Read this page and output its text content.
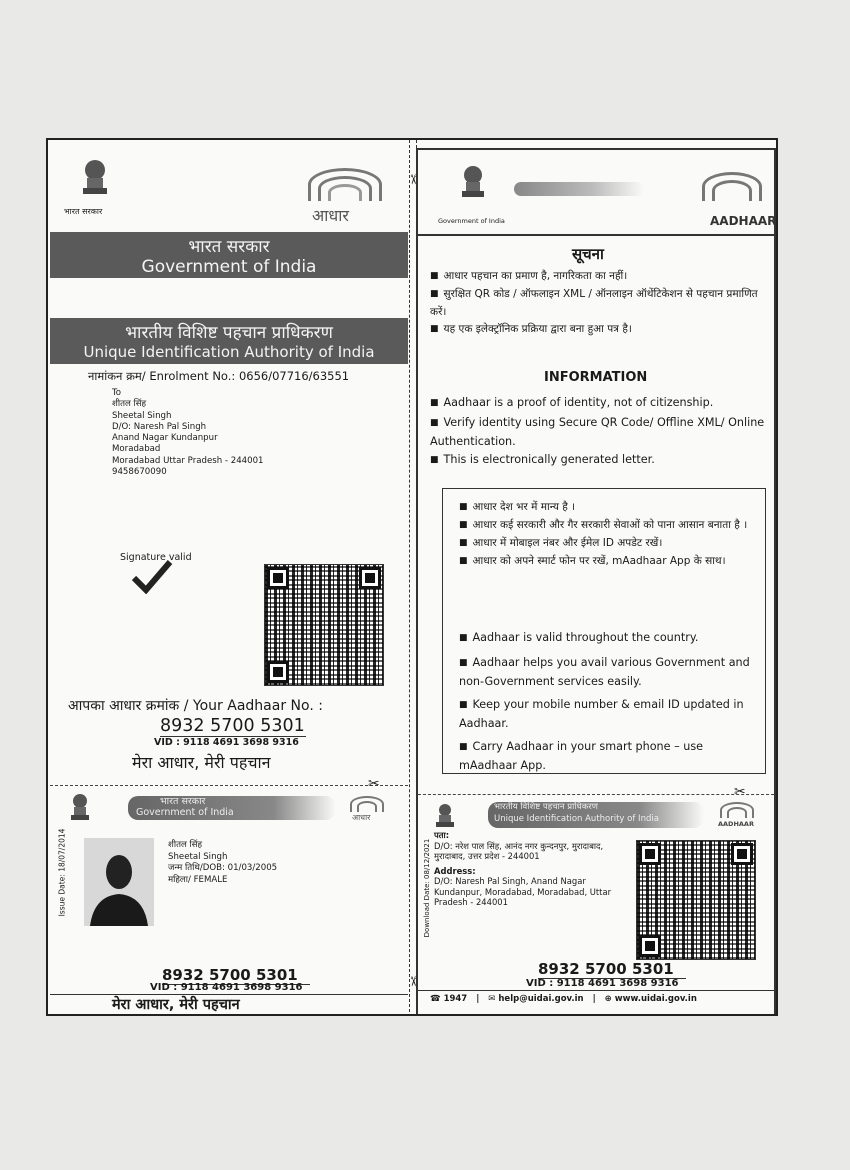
भारत सरकार	आधार
भारत सरकार
Government of India
भारतीय विशिष्ट पहचान प्राधिकरण
Unique Identification Authority of India
नामांकन क्रम/ Enrolment No.: 0656/07716/63551
To
शीतल सिंह
Sheetal Singh
D/O: Naresh Pal Singh
Anand Nagar Kundanpur
Moradabad
Moradabad Uttar Pradesh - 244001
9458670090
Signature valid
आपका आधार क्रमांक / Your Aadhaar No. :
8932 5700 5301
VID : 9118 4691 3698 9316
मेरा आधार, मेरी पहचान
✂
भारत सरकार
Government of India	आधार
Issue Date: 18/07/2014	शीतल सिंह
Sheetal Singh
जन्म तिथि/DOB: 01/03/2005
महिला/ FEMALE
8932 5700 5301
VID : 9118 4691 3698 9316
मेरा आधार, मेरी पहचान
✂
✂
Government of India	AADHAAR
सूचना
■ आधार पहचान का प्रमाण है, नागरिकता का नहीं।
■ सुरक्षित QR कोड / ऑफलाइन XML / ऑनलाइन ऑथेंटिकेशन से पहचान प्रमाणित करें।
■ यह एक इलेक्ट्रॉनिक प्रक्रिया द्वारा बना हुआ पत्र है।
INFORMATION
■ Aadhaar is a proof of identity, not of citizenship.
■ Verify identity using Secure QR Code/ Offline XML/ Online Authentication.
■ This is electronically generated letter.
■ आधार देश भर में मान्य है ।
■ आधार कई सरकारी और गैर सरकारी सेवाओं को पाना आसान बनाता है ।
■ आधार में मोबाइल नंबर और ईमेल ID अपडेट रखें।
■ आधार को अपने स्मार्ट फोन पर रखें, mAadhaar App के साथ।
■ Aadhaar is valid throughout the country.
■ Aadhaar helps you avail various Government and non-Government services easily.
■ Keep your mobile number & email ID updated in Aadhaar.
■ Carry Aadhaar in your smart phone – use mAadhaar App.
✂
भारतीय विशिष्ट पहचान प्राधिकरण
Unique Identification Authority of India
AADHAAR
Download Date: 08/12/2021
पता:
D/O: नरेश पाल सिंह, आनंद नगर कुन्दनपुर, मुरादाबाद, मुरादाबाद, उत्तर प्रदेश - 244001
Address:
D/O: Naresh Pal Singh, Anand Nagar Kundanpur, Moradabad, Moradabad, Uttar Pradesh - 244001
8932 5700 5301
VID : 9118 4691 3698 9316
☎ 1947 | ✉ help@uidai.gov.in | ⊕ www.uidai.gov.in
